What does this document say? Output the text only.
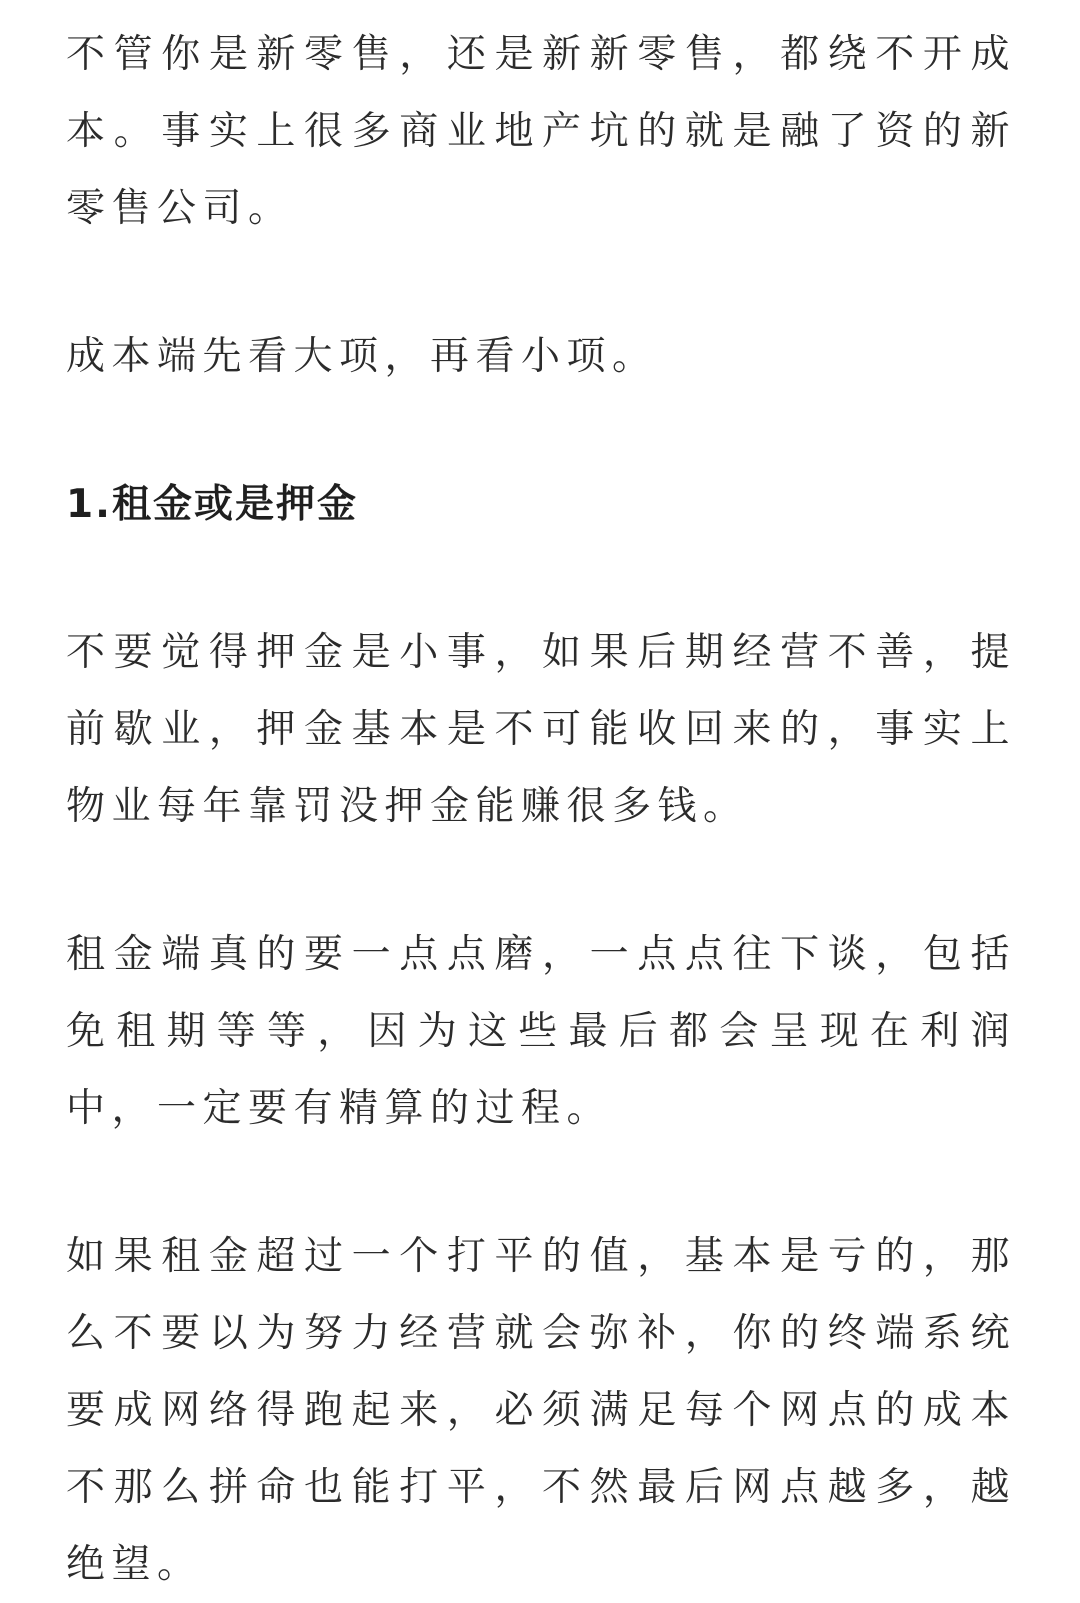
不管你是新零售，还是新新零售，都绕不开成本。事实上很多商业地产坑的就是融了资的新零售公司。

成本端先看大项，再看小项。

1.租金或是押金

不要觉得押金是小事，如果后期经营不善，提前歇业，押金基本是不可能收回来的，事实上物业每年靠罚没押金能赚很多钱。

租金端真的要一点点磨，一点点往下谈，包括免租期等等，因为这些最后都会呈现在利润中，一定要有精算的过程。

如果租金超过一个打平的值，基本是亏的，那么不要以为努力经营就会弥补，你的终端系统要成网络得跑起来，必须满足每个网点的成本不那么拼命也能打平，不然最后网点越多，越绝望。
